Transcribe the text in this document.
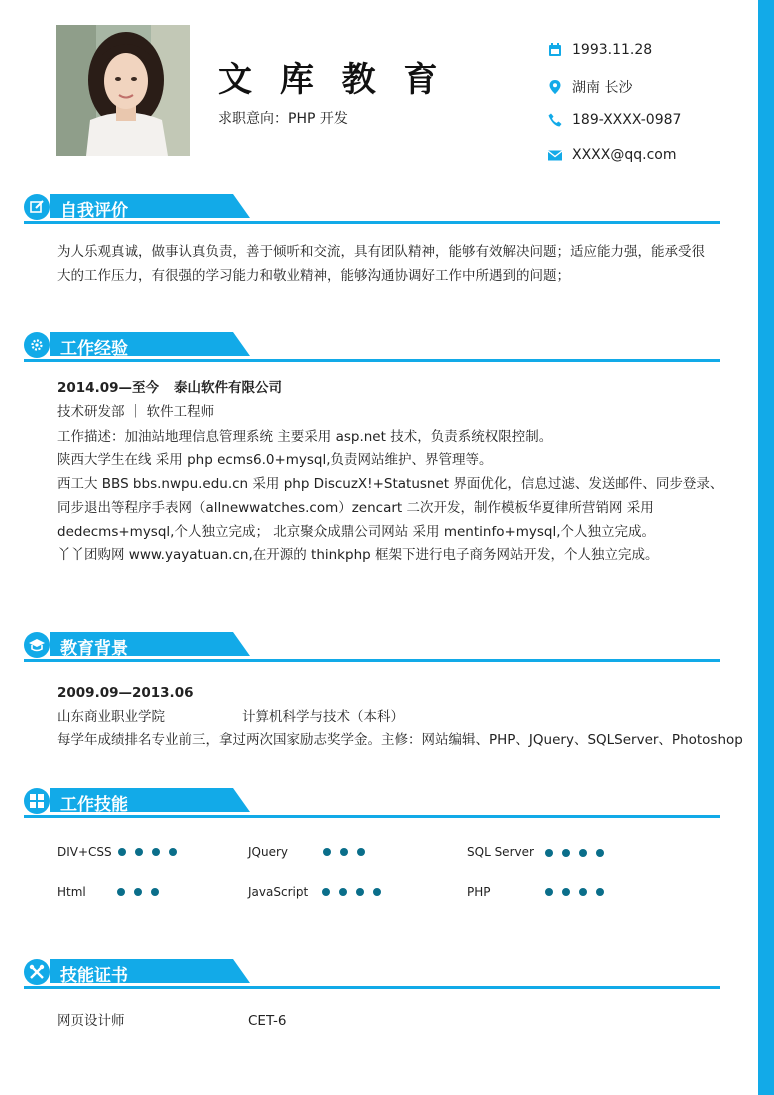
文 库 教 育
求职意向：PHP 开发
1993.11.28
湖南 长沙
189-XXXX-0987
XXXX@qq.com
自我评价
为人乐观真诚，做事认真负责，善于倾听和交流，具有团队精神，能够有效解决问题；适应能力强，能承受很
大的工作压力，有很强的学习能力和敬业精神，能够沟通协调好工作中所遇到的问题；
工作经验
2014.09—至今 泰山软件有限公司
技术研发部 ｜ 软件工程师
工作描述：加油站地理信息管理系统 主要采用 asp.net 技术，负责系统权限控制。
陕西大学生在线 采用 php ecms6.0+mysql,负责网站维护、界管理等。
西工大 BBS bbs.nwpu.edu.cn 采用 php DiscuzX!+Statusnet 界面优化，信息过滤、发送邮件、同步登录、
同步退出等程序手表网（allnewwatches.com）zencart 二次开发，制作模板华夏律所营销网 采用
dedecms+mysql,个人独立完成； 北京聚众成鼎公司网站 采用 mentinfo+mysql,个人独立完成。
丫丫团购网 www.yayatuan.cn,在开源的 thinkphp 框架下进行电子商务网站开发，个人独立完成。
教育背景
2009.09—2013.06
山东商业职业学院	计算机科学与技术（本科）
每学年成绩排名专业前三，拿过两次国家励志奖学金。主修：网站编辑、PHP、JQuery、SQLServer、Photoshop
工作技能
DIV+CSS	JQuery	SQL Server
Html	JavaScript	PHP
技能证书
网页设计师	CET-6
